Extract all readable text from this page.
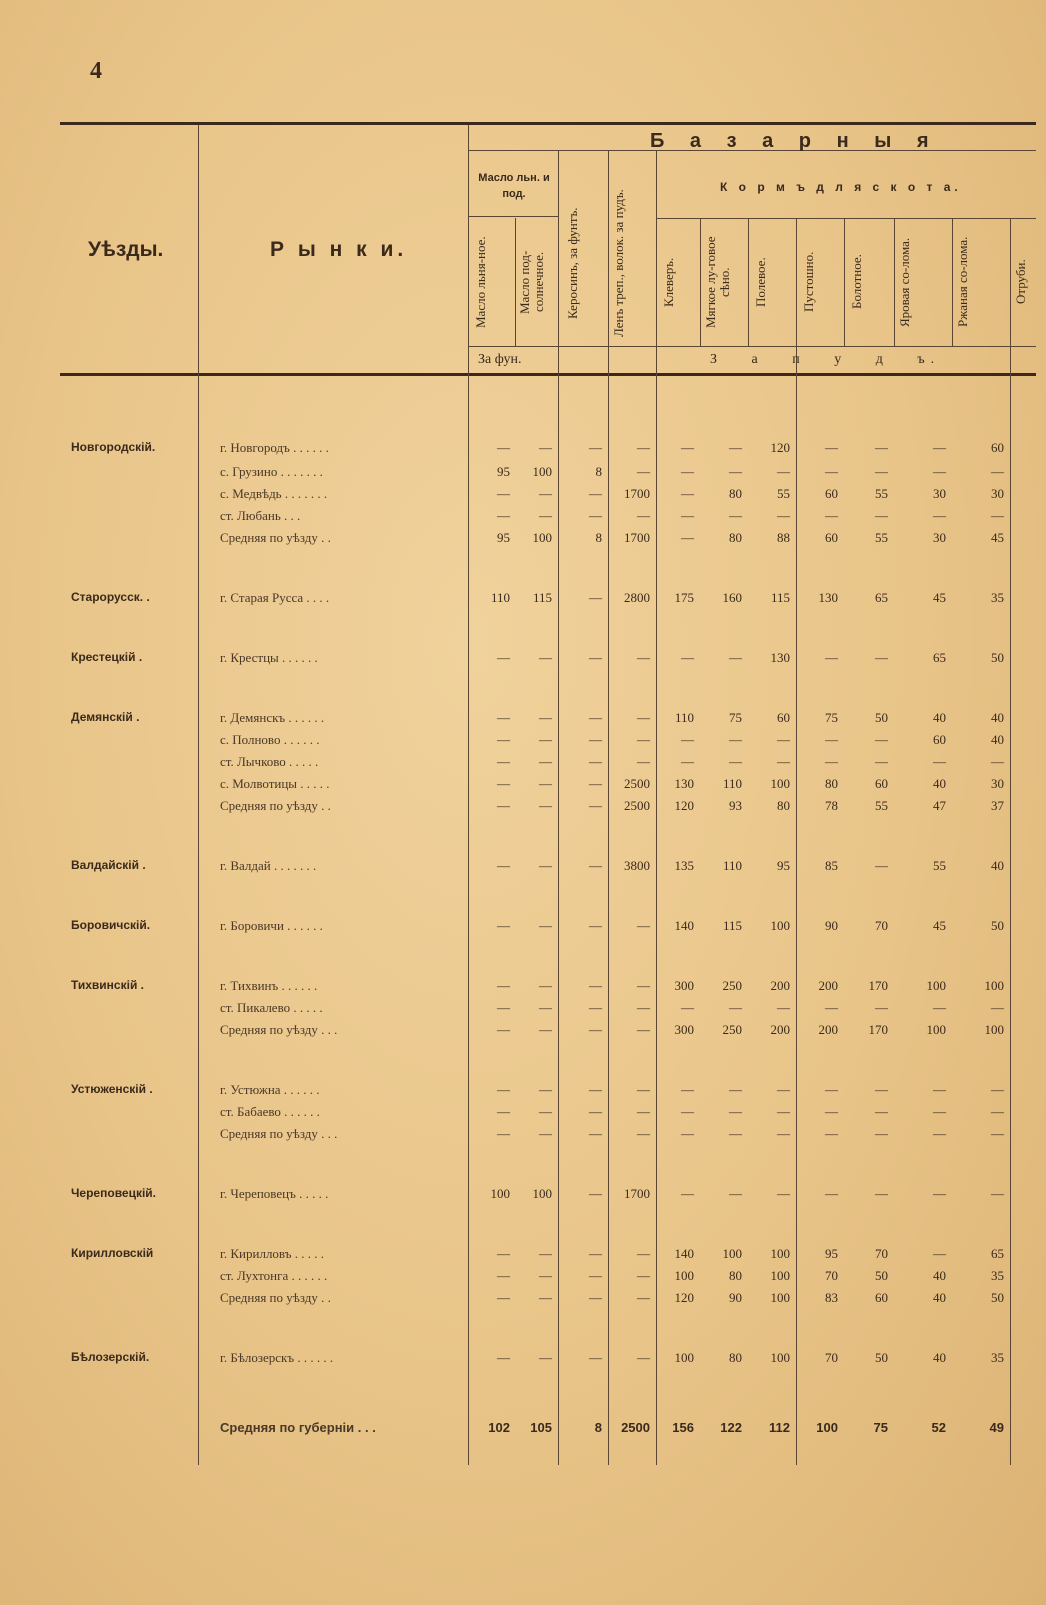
4
Б а з а р н ы я
Уѣзды.	Р ы н к и.
Масло льн. и под.	К о р м ъ д л я с к о т а.
Масло льня-ное.	Масло под-солнечное.	Керосинъ, за фунтъ.	Ленъ треп., волок. за пудъ.	Клеверъ.	Мягкое лу-говое сѣно.	Полевое.	Пустошно.	Болотное.	Яровая со-лома.	Ржаная со-лома.	Отруби.
За фун.	З   а   п   у   д   ъ.
Новгородскій.	г. Новгородъ . . . . . .	—	—	—	—	—	—	120	—	—	—	60
с. Грузино . . . . . . .	95	100	8	—	—	—	—	—	—	—	—
с. Медвѣдь . . . . . . .	—	—	—	1700	—	80	55	60	55	30	30
ст. Любань . . .	—	—	—	—	—	—	—	—	—	—	—
Средняя по уѣзду . .	95	100	8	1700	—	80	88	60	55	30	45
Старорусск. .	г. Старая Русса . . . .	110	115	—	2800	175	160	115	130	65	45	35
Крестецкій .	г. Крестцы . . . . . .	—	—	—	—	—	—	130	—	—	65	50
Демянскій .	г. Демянскъ . . . . . .	—	—	—	—	110	75	60	75	50	40	40
с. Полново . . . . . .	—	—	—	—	—	—	—	—	—	60	40
ст. Лычково . . . . .	—	—	—	—	—	—	—	—	—	—	—
с. Молвотицы . . . . .	—	—	—	2500	130	110	100	80	60	40	30
Средняя по уѣзду . .	—	—	—	2500	120	93	80	78	55	47	37
Валдайскій .	г. Валдай . . . . . . .	—	—	—	3800	135	110	95	85	—	55	40
Боровичскій.	г. Боровичи . . . . . .	—	—	—	—	140	115	100	90	70	45	50
Тихвинскій .	г. Тихвинъ . . . . . .	—	—	—	—	300	250	200	200	170	100	100
ст. Пикалево . . . . .	—	—	—	—	—	—	—	—	—	—	—
Средняя по уѣзду . . .	—	—	—	—	300	250	200	200	170	100	100
Устюженскій .	г. Устюжна . . . . . .	—	—	—	—	—	—	—	—	—	—	—
ст. Бабаево . . . . . .	—	—	—	—	—	—	—	—	—	—	—
Средняя по уѣзду . . .	—	—	—	—	—	—	—	—	—	—	—
Череповецкій.	г. Череповецъ . . . . .	100	100	—	1700	—	—	—	—	—	—	—
Кирилловскій	г. Кирилловъ . . . . .	—	—	—	—	140	100	100	95	70	—	65
ст. Лухтонга . . . . . .	—	—	—	—	100	80	100	70	50	40	35
Средняя по уѣзду . .	—	—	—	—	120	90	100	83	60	40	50
Бѣлозерскій.	г. Бѣлозерскъ . . . . . .	—	—	—	—	100	80	100	70	50	40	35
Средняя по губерніи . . .	102	105	8	2500	156	122	112	100	75	52	49
